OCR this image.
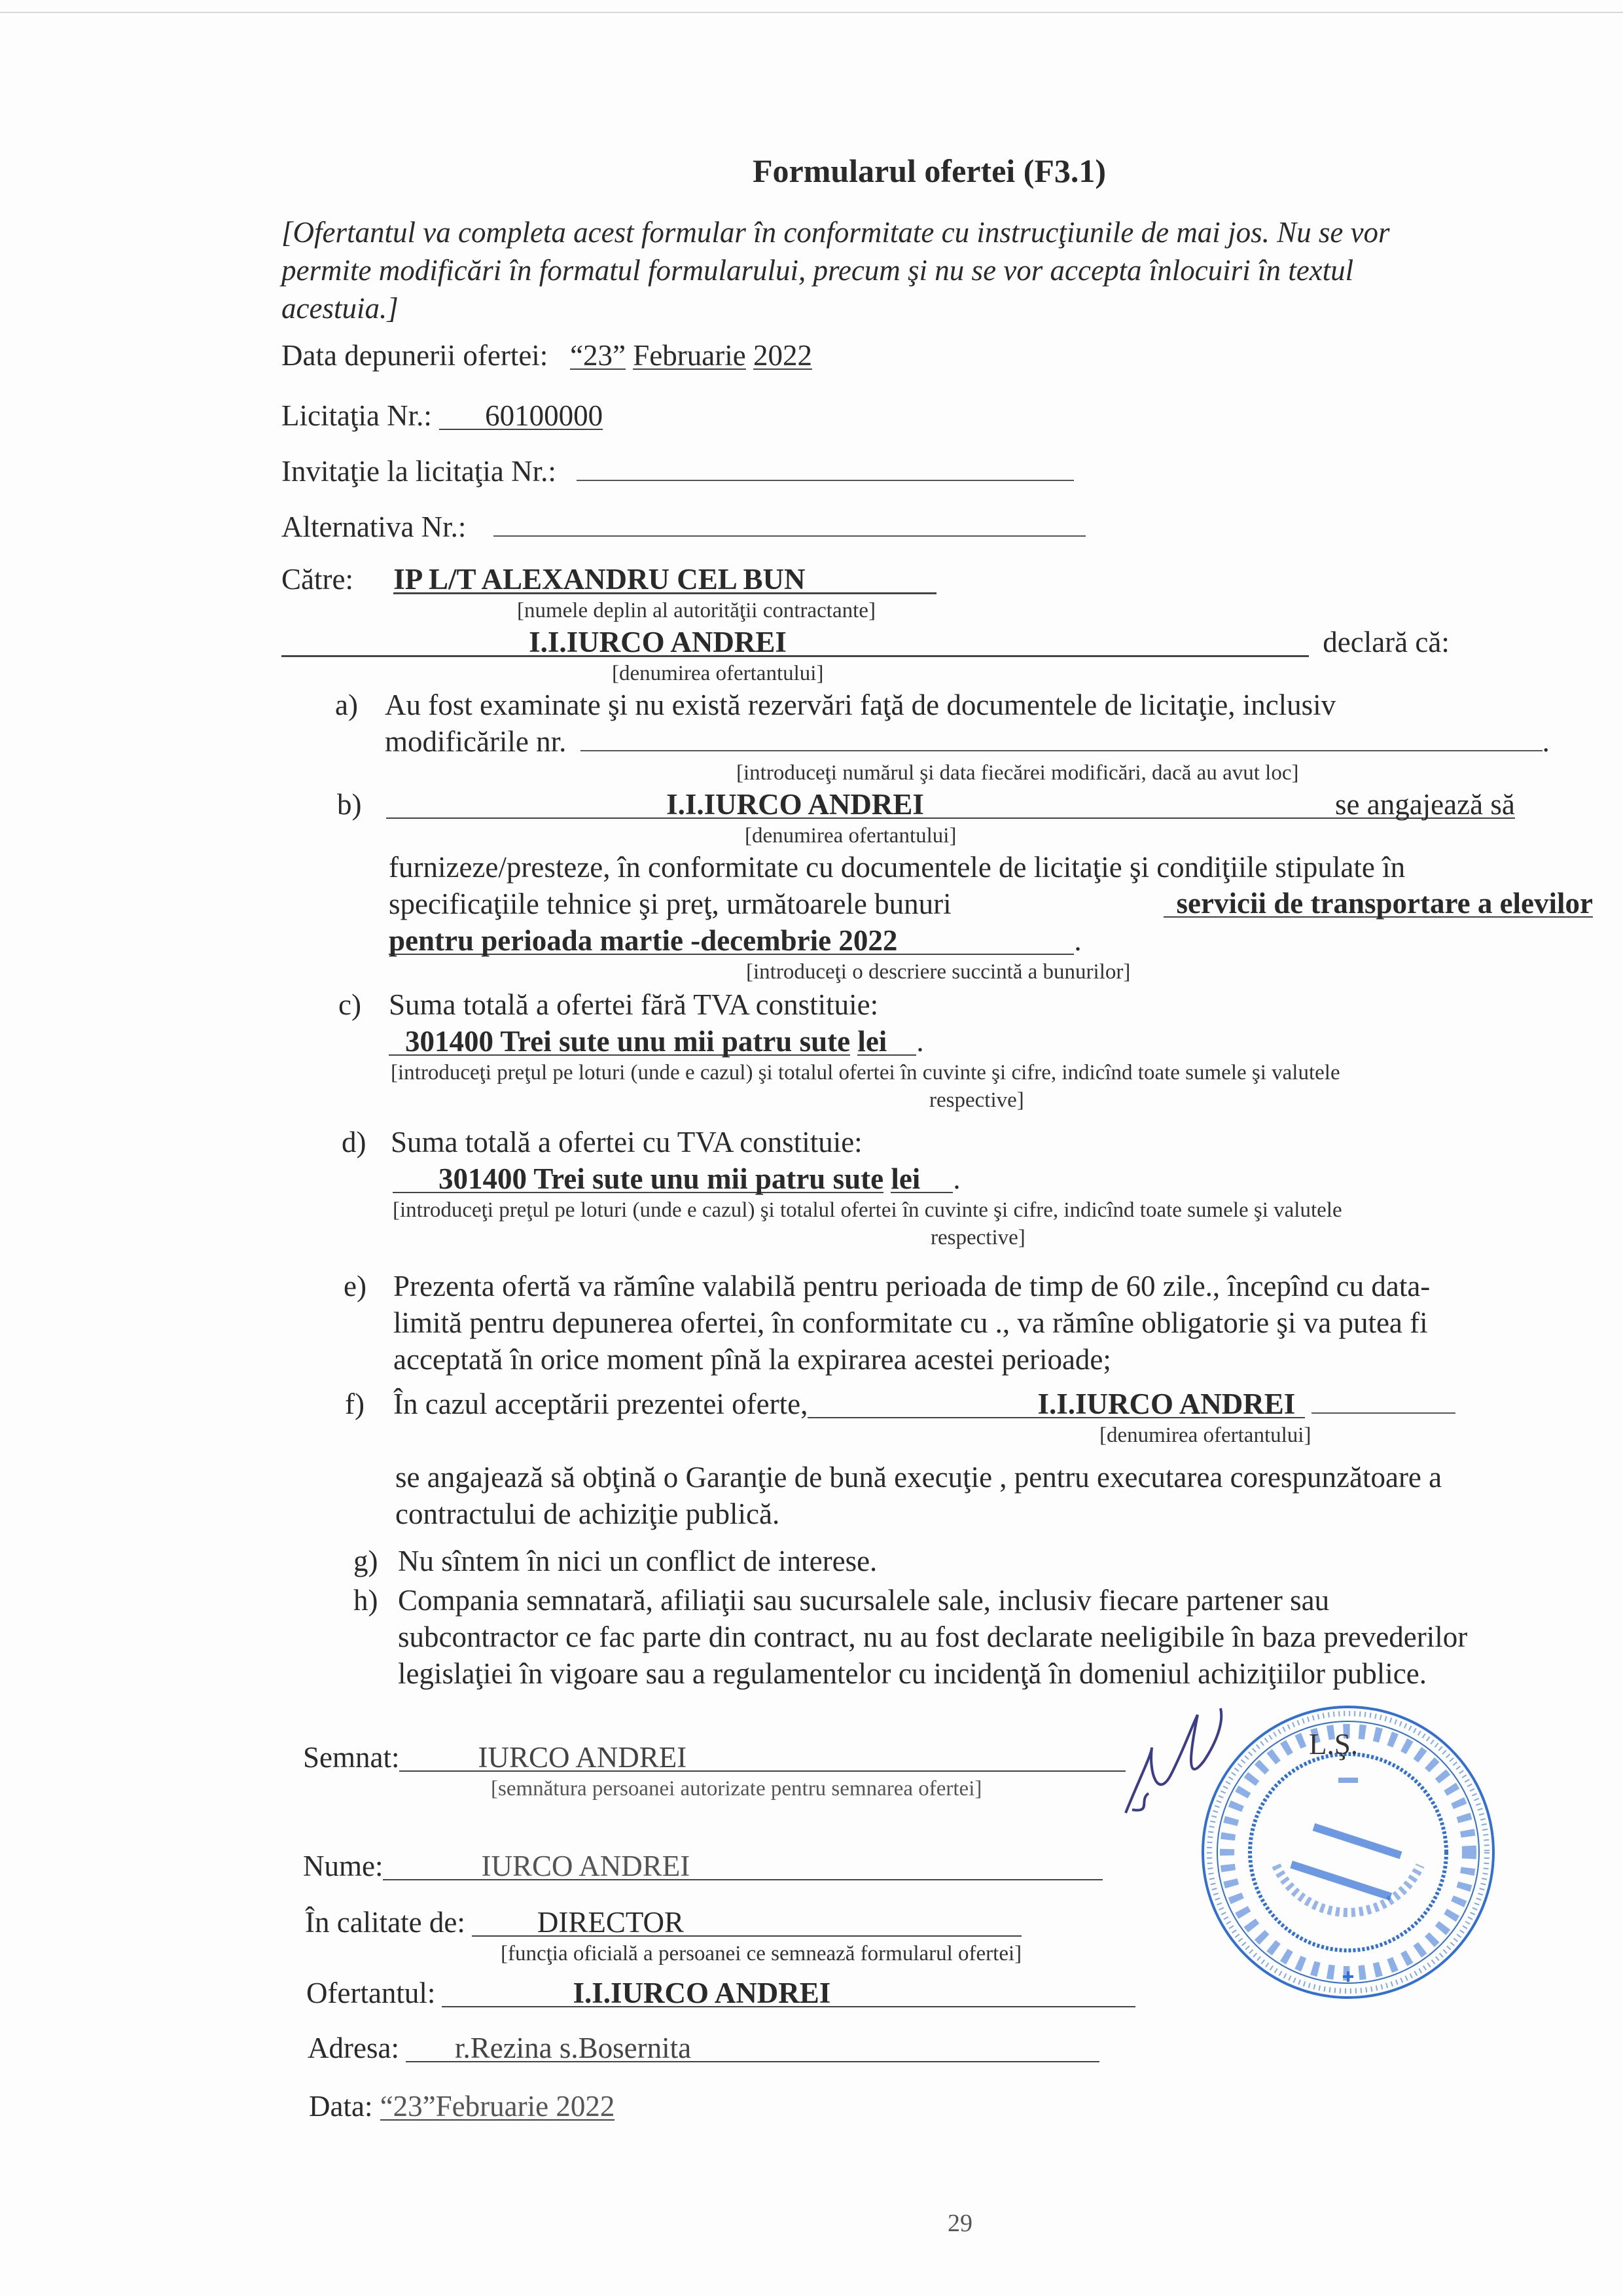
Formularul ofertei (F3.1)
[Ofertantul va completa acest formular în conformitate cu instrucţiunile de mai jos. Nu se vor
permite modificări în formatul formularului, precum şi nu se vor accepta înlocuiri în textul
acestuia.]
Data depunerii ofertei: “23” Februarie 2022
Licitaţia Nr.: 60100000
Invitaţie la licitaţia Nr.:
Alternativa Nr.:
Către: IP L/T ALEXANDRU CEL BUN
[numele deplin al autorităţii contractante]
I.I.IURCO ANDREI	declară că:
[denumirea ofertantului]
a) Au fost examinate şi nu există rezervări faţă de documentele de licitaţie, inclusiv
modificările nr.	.
[introduceţi numărul şi data fiecărei modificări, dacă au avut loc]
b)	I.I.IURCO ANDREI	se angajează să
[denumirea ofertantului]
furnizeze/presteze, în conformitate cu documentele de licitaţie şi condiţiile stipulate în
specificaţiile tehnice şi preţ, următoarele bunuri	servicii de transportare a elevilor
pentru perioada martie -decembrie 2022	.
[introduceţi o descriere succintă a bunurilor]
c) Suma totală a ofertei fără TVA constituie:
301400 Trei sute unu mii patru sute lei .
[introduceţi preţul pe loturi (unde e cazul) şi totalul ofertei în cuvinte şi cifre, indicînd toate sumele şi valutele
respective]
d) Suma totală a ofertei cu TVA constituie:
301400 Trei sute unu mii patru sute lei .
[introduceţi preţul pe loturi (unde e cazul) şi totalul ofertei în cuvinte şi cifre, indicînd toate sumele şi valutele
respective]
e) Prezenta ofertă va rămîne valabilă pentru perioada de timp de 60 zile., începînd cu data-
limită pentru depunerea ofertei, în conformitate cu ., va rămîne obligatorie şi va putea fi
acceptată în orice moment pînă la expirarea acestei perioade;
f) În cazul acceptării prezentei oferte,	I.I.IURCO ANDREI
[denumirea ofertantului]
se angajează să obţină o Garanţie de bună execuţie , pentru executarea corespunzătoare a
contractului de achiziţie publică.
g) Nu sîntem în nici un conflict de interese.
h) Compania semnatară, afiliaţii sau sucursalele sale, inclusiv fiecare partener sau
subcontractor ce fac parte din contract, nu au fost declarate neeligibile în baza prevederilor
legislaţiei în vigoare sau a regulamentelor cu incidenţă în domeniul achiziţiilor publice.
Semnat:	IURCO ANDREI
[semnătura persoanei autorizate pentru semnarea ofertei]
Nume:	IURCO ANDREI
În calitate de: DIRECTOR
[funcţia oficială a persoanei ce semnează formularul ofertei]
Ofertantul:	I.I.IURCO ANDREI
Adresa: r.Rezina s.Bosernita
Data: “23”Februarie 2022
L.Ş.
29
